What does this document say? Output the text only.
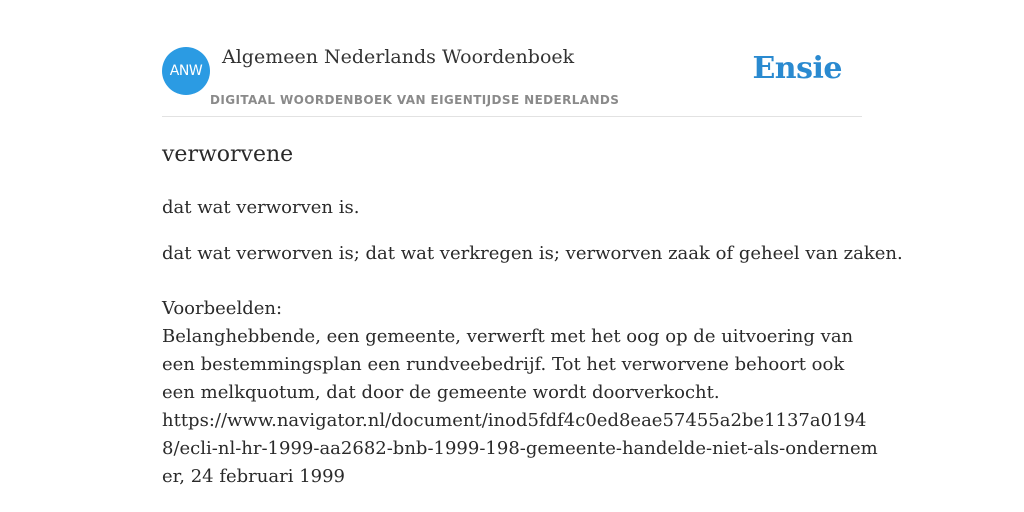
ANW
Algemeen Nederlands Woordenboek
DIGITAAL WOORDENBOEK VAN EIGENTIJDSE NEDERLANDS
Ensie
verworvene

dat wat verworven is.

dat wat verworven is; dat wat verkregen is; verworven zaak of geheel van zaken.

Voorbeelden:
Belanghebbende, een gemeente, verwerft met het oog op de uitvoering van een bestemmingsplan een rundveebedrijf. Tot het verworvene behoort ook een melkquotum, dat door de gemeente wordt doorverkocht.
https://www.navigator.nl/document/inod5fdf4c0ed8eae57455a2be1137a01948/ecli-nl-hr-1999-aa2682-bnb-1999-198-gemeente-handelde-niet-als-ondernemer, 24 februari 1999
